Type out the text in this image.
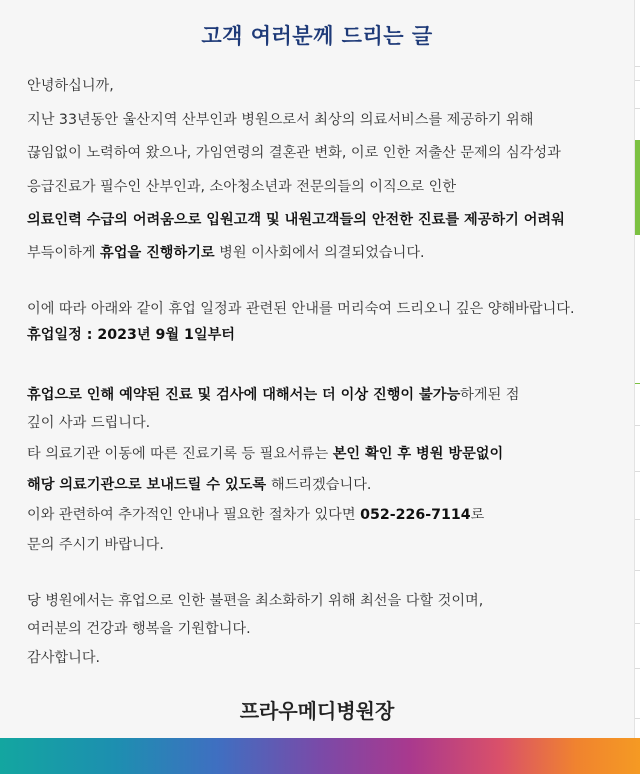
고객 여러분께 드리는 글
안녕하십니까,
지난 33년동안 울산지역 산부인과 병원으로서 최상의 의료서비스를 제공하기 위해
끊임없이 노력하여 왔으나, 가임연령의 결혼관 변화, 이로 인한 저출산 문제의 심각성과
응급진료가 필수인 산부인과, 소아청소년과 전문의들의 이직으로 인한
의료인력 수급의 어려움으로 입원고객 및 내원고객들의 안전한 진료를 제공하기 어려워
부득이하게 휴업을 진행하기로 병원 이사회에서 의결되었습니다.
이에 따라 아래와 같이 휴업 일정과 관련된 안내를 머리숙여 드리오니 깊은 양해바랍니다.
휴업일정 : 2023년 9월 1일부터
휴업으로 인해 예약된 진료 및 검사에 대해서는 더 이상 진행이 불가능하게된 점
깊이 사과 드립니다.
타 의료기관 이동에 따른 진료기록 등 필요서류는 본인 확인 후 병원 방문없이
해당 의료기관으로 보내드릴 수 있도록 해드리겠습니다.
이와 관련하여 추가적인 안내나 필요한 절차가 있다면 052-226-7114로
문의 주시기 바랍니다.
당 병원에서는 휴업으로 인한 불편을 최소화하기 위해 최선을 다할 것이며,
여러분의 건강과 행복을 기원합니다.
감사합니다.
프라우메디병원장
